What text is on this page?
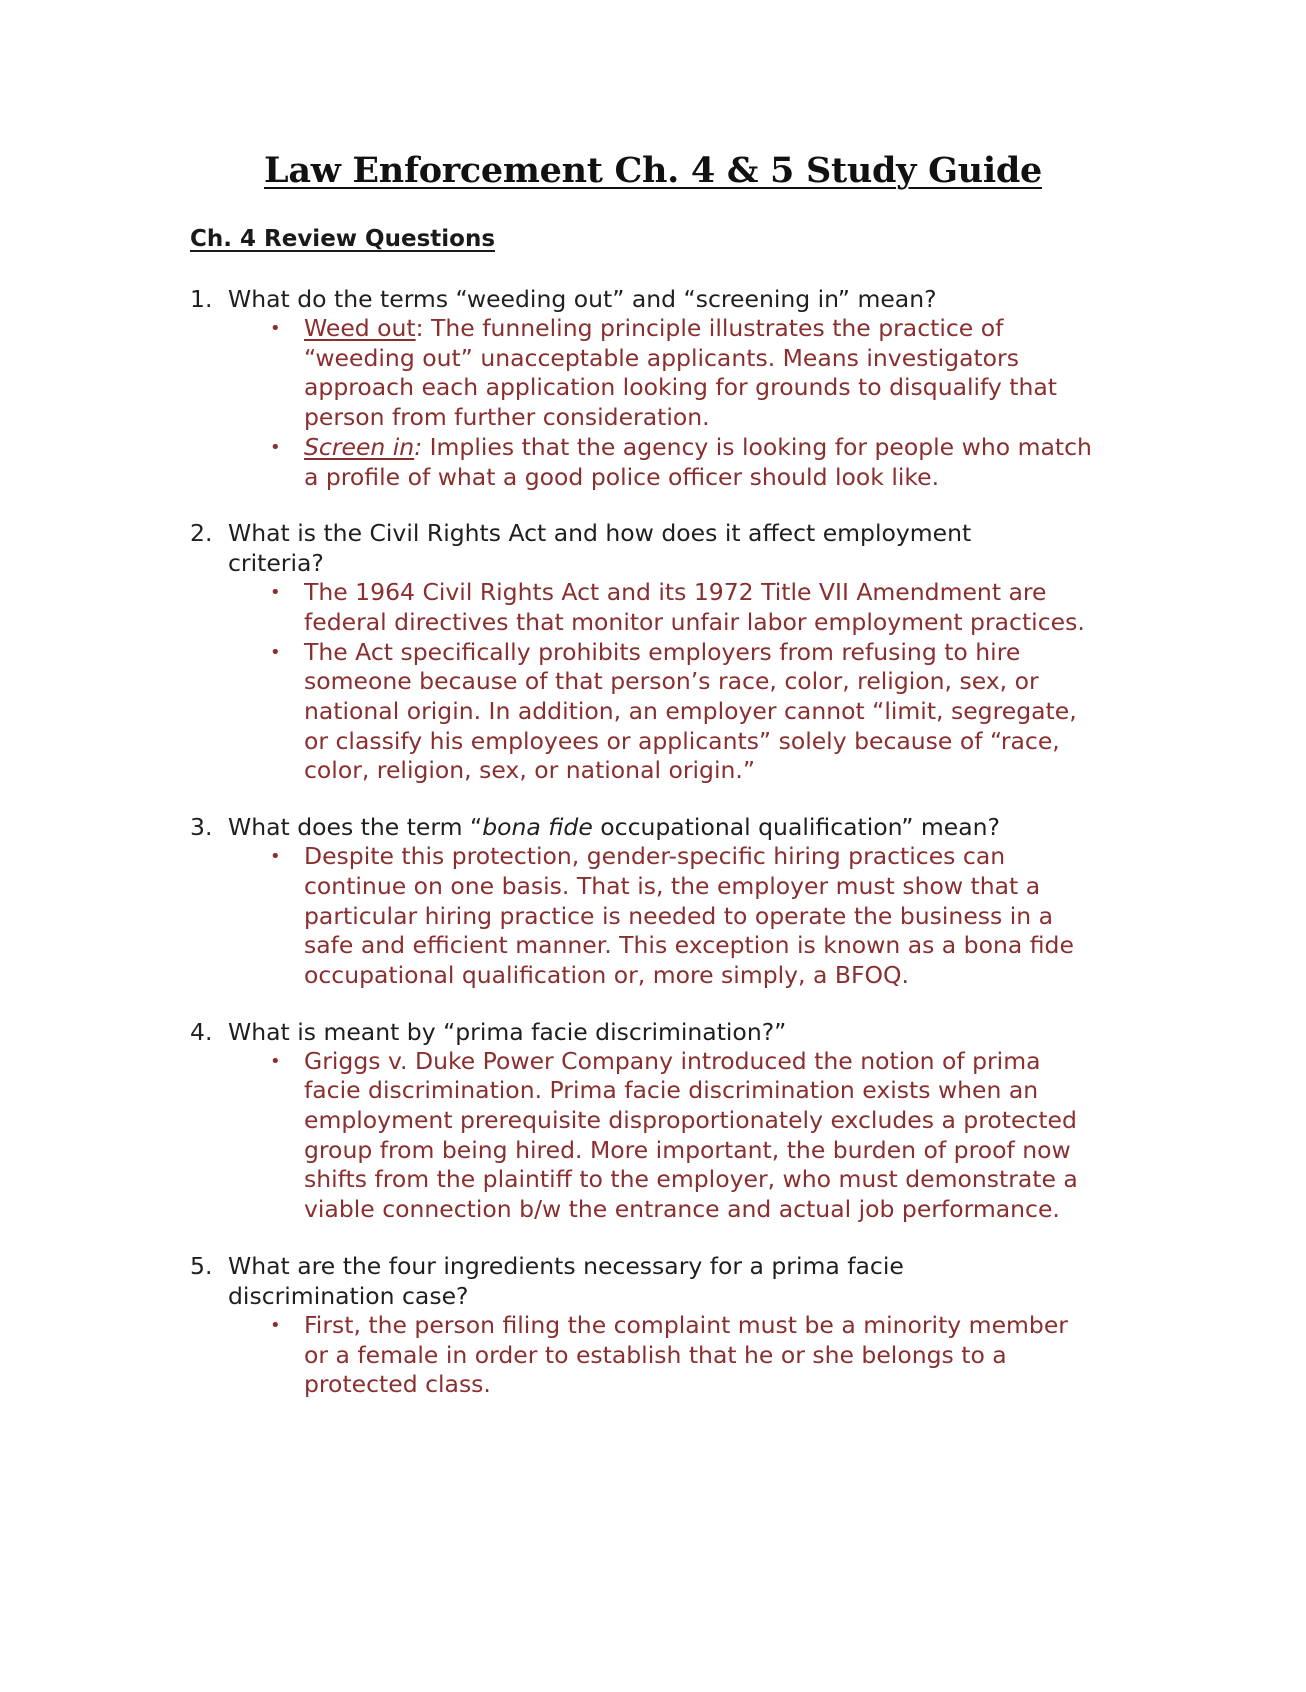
Law Enforcement Ch. 4 & 5 Study Guide
Ch. 4 Review Questions
1. What do the terms “weeding out” and “screening in” mean?
• Weed out: The funneling principle illustrates the practice of “weeding out” unacceptable applicants. Means investigators approach each application looking for grounds to disqualify that person from further consideration.
• Screen in: Implies that the agency is looking for people who match a profile of what a good police officer should look like.
2. What is the Civil Rights Act and how does it affect employment criteria?
• The 1964 Civil Rights Act and its 1972 Title VII Amendment are federal directives that monitor unfair labor employment practices.
• The Act specifically prohibits employers from refusing to hire someone because of that person’s race, color, religion, sex, or national origin. In addition, an employer cannot “limit, segregate, or classify his employees or applicants” solely because of “race, color, religion, sex, or national origin.”
3. What does the term “bona fide occupational qualification” mean?
• Despite this protection, gender-specific hiring practices can continue on one basis. That is, the employer must show that a particular hiring practice is needed to operate the business in a safe and efficient manner. This exception is known as a bona fide occupational qualification or, more simply, a BFOQ.
4. What is meant by “prima facie discrimination?”
• Griggs v. Duke Power Company introduced the notion of prima facie discrimination. Prima facie discrimination exists when an employment prerequisite disproportionately excludes a protected group from being hired. More important, the burden of proof now shifts from the plaintiff to the employer, who must demonstrate a viable connection b/w the entrance and actual job performance.
5. What are the four ingredients necessary for a prima facie discrimination case?
• First, the person filing the complaint must be a minority member or a female in order to establish that he or she belongs to a protected class.
